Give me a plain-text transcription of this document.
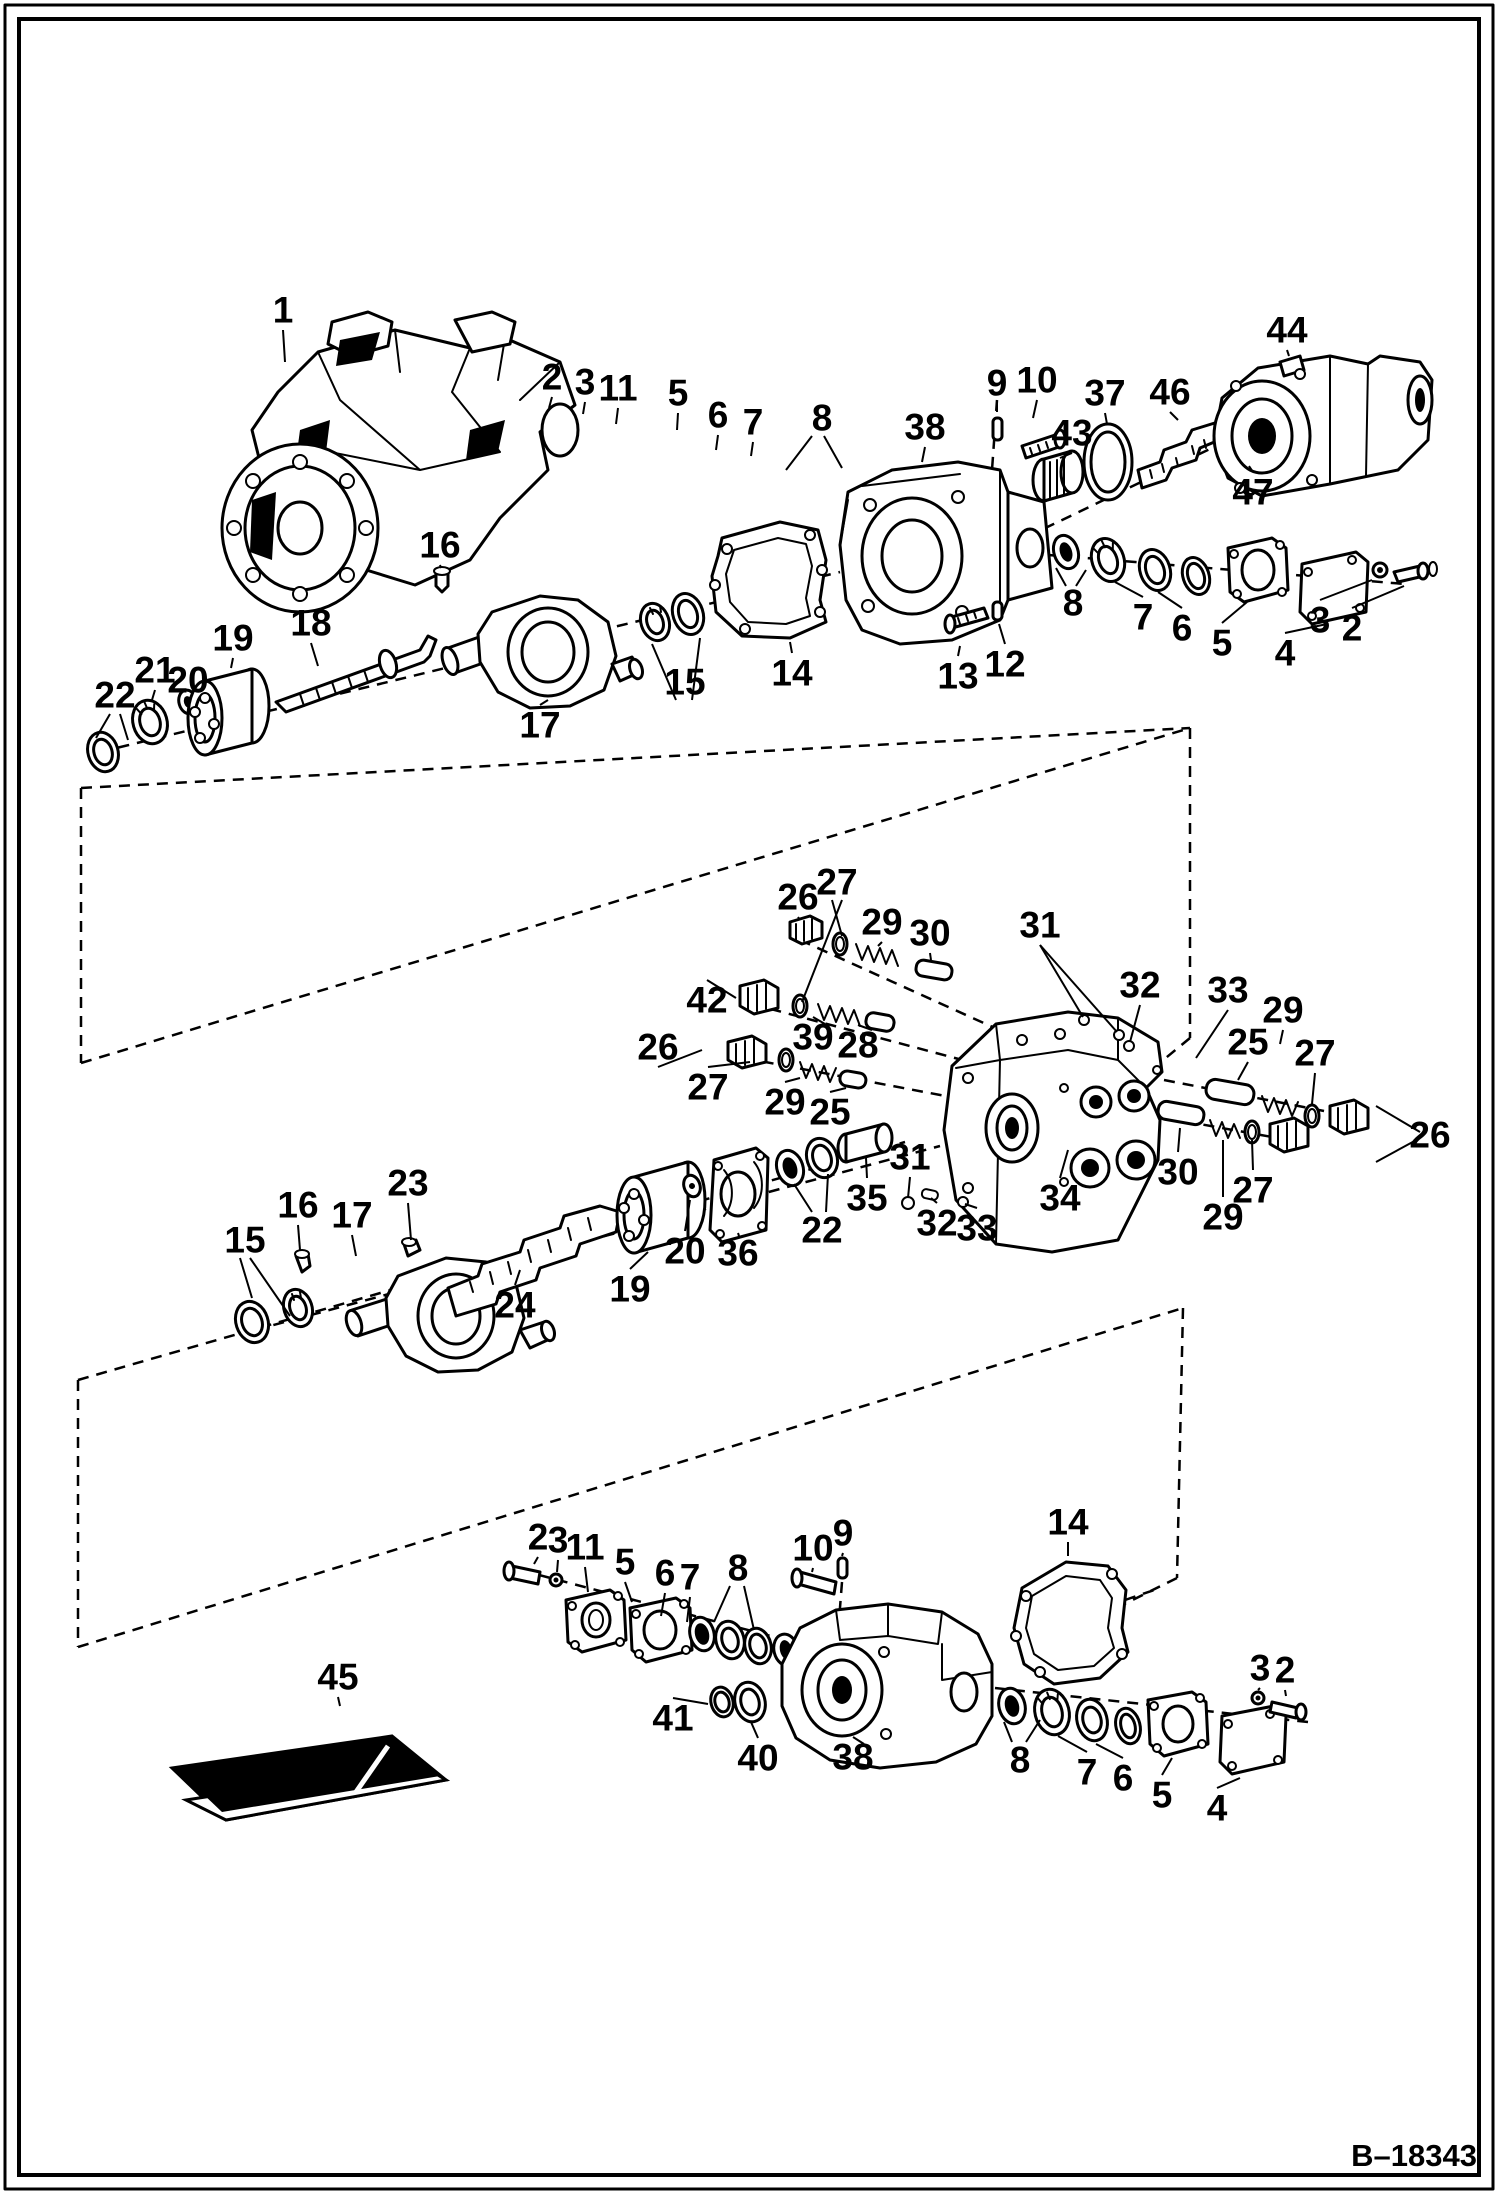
B–18343
1
2 3 11 5
6 7 8 38
9 10
43
37 46
44
47
16
17
15 14	13 12
18
19
20
21
22
8 7 6 5 4
3 2
26
27
29 30 31
42
39 28
26
27 29 25
31
35	34
32
33
22
36
20
19
24
23
17
16
15
32 33 29
25 27
26
30 27
29
2 3
11 5 6 7 8 10 9
41
40 38
14
8 7 6 5 4
3 2
45
